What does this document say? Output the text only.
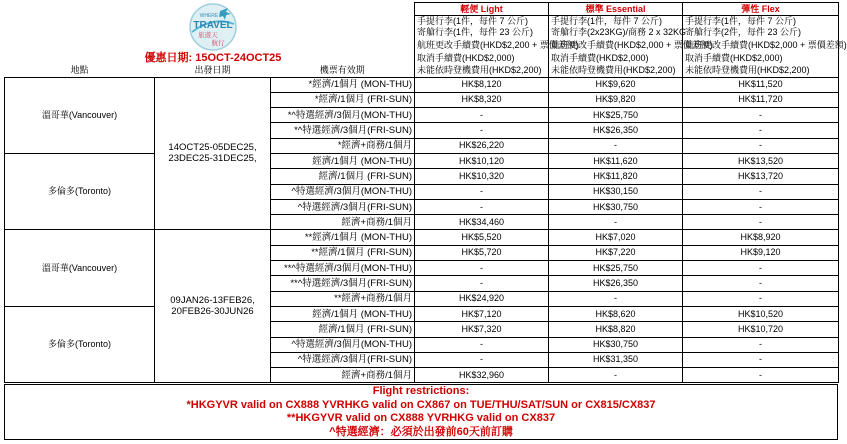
WHERE TO
TRAVEL
旅遊天
航行
			輕便 Light	標準 Essential	彈性 Flex
			手提行李(1件，每件 7 公斤)	手提行李(1件，每件 7 公斤)	手提行李(1件，每件 7 公斤)
			寄艙行李(1件，每件 23 公斤)	寄艙行李(2x23KG)/商務 2 x 32KG	寄艙行李(2件，每件 23 公斤)
			航班更改手續費(HKD$2,200 + 票價差額)	航班更改手續費(HKD$2,000 + 票價差額)	航班更改手續費(HKD$2,000 + 票價差額)
優惠日期: 15OCT-24OCT25			取消手續費(HKD$2,000)	取消手續費(HKD$2,000)	取消手續費(HKD$2,000)
地點	出發日期	機票有效期	未能依時登機費用(HKD$2,200)	未能依時登機費用(HKD$2,200)	未能依時登機費用(HKD$2,200)
溫哥華(Vancouver)	14OCT25-05DEC25,
23DEC25-31DEC25,	*經濟/1個月 (MON-THU)	HK$8,120	HK$9,620	HK$11,520
		*經濟/1個月 (FRI-SUN)	HK$8,320	HK$9,820	HK$11,720
		*^特選經濟/3個月(MON-THU)	-	HK$25,750	-
		*^特選經濟/3個月(FRI-SUN)	-	HK$26,350	-
		*經濟+商務/1個月	HK$26,220	-	-
多倫多(Toronto)		經濟/1個月 (MON-THU)	HK$10,120	HK$11,620	HK$13,520
		經濟/1個月 (FRI-SUN)	HK$10,320	HK$11,820	HK$13,720
		^特選經濟/3個月(MON-THU)	-	HK$30,150	-
		^特選經濟/3個月(FRI-SUN)	-	HK$30,750	-
		經濟+商務/1個月	HK$34,460	-	-
溫哥華(Vancouver)	09JAN26-13FEB26,
20FEB26-30JUN26	**經濟/1個月 (MON-THU)	HK$5,520	HK$7,020	HK$8,920
		**經濟/1個月 (FRI-SUN)	HK$5,720	HK$7,220	HK$9,120
		**^特選經濟/3個月(MON-THU)	-	HK$25,750	-
		**^特選經濟/3個月(FRI-SUN)	-	HK$26,350	-
		**經濟+商務/1個月	HK$24,920	-	-
多倫多(Toronto)		經濟/1個月 (MON-THU)	HK$7,120	HK$8,620	HK$10,520
		經濟/1個月 (FRI-SUN)	HK$7,320	HK$8,820	HK$10,720
		^特選經濟/3個月(MON-THU)	-	HK$30,750	-
		^特選經濟/3個月(FRI-SUN)	-	HK$31,350	-
		經濟+商務/1個月	HK$32,960	-	-
Flight restrictions:
*HKGYVR valid on CX888 YVRHKG valid on CX867 on TUE/THU/SAT/SUN or CX815/CX837
**HKGYVR valid on CX888 YVRHKG valid on CX837
^特選經濟：必須於出發前60天前訂購
